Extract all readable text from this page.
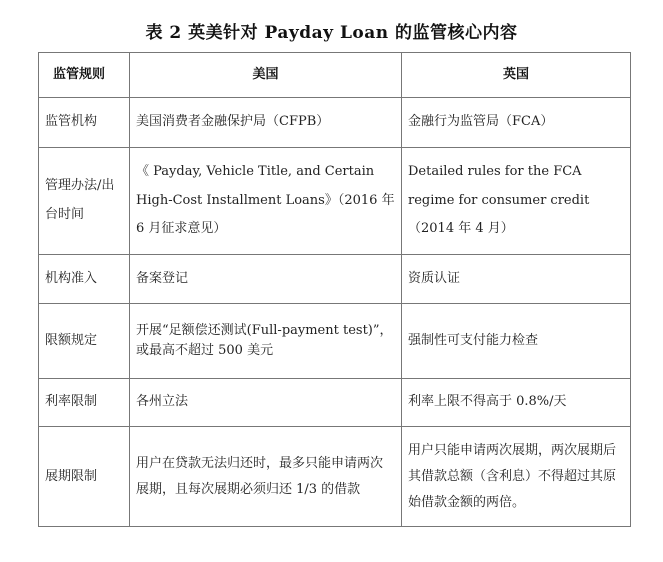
表 2 英美针对 Payday Loan 的监管核心内容
监管规则	美国	英国
监管机构	美国消费者金融保护局（CFPB）	金融行为监管局（FCA）
管理办法/出台时间	《 Payday, Vehicle Title, and Certain High-Cost Installment Loans》（2016 年 6 月征求意见）	Detailed rules for the FCA regime for consumer credit （2014 年 4 月）
机构准入	备案登记	资质认证
限额规定	开展“足额偿还测试(Full-payment test)”，或最高不超过 500 美元	强制性可支付能力检查
利率限制	各州立法	利率上限不得高于 0.8%/天
展期限制	用户在贷款无法归还时，最多只能申请两次展期，且每次展期必须归还 1/3 的借款	用户只能申请两次展期，两次展期后其借款总额（含利息）不得超过其原始借款金额的两倍。
